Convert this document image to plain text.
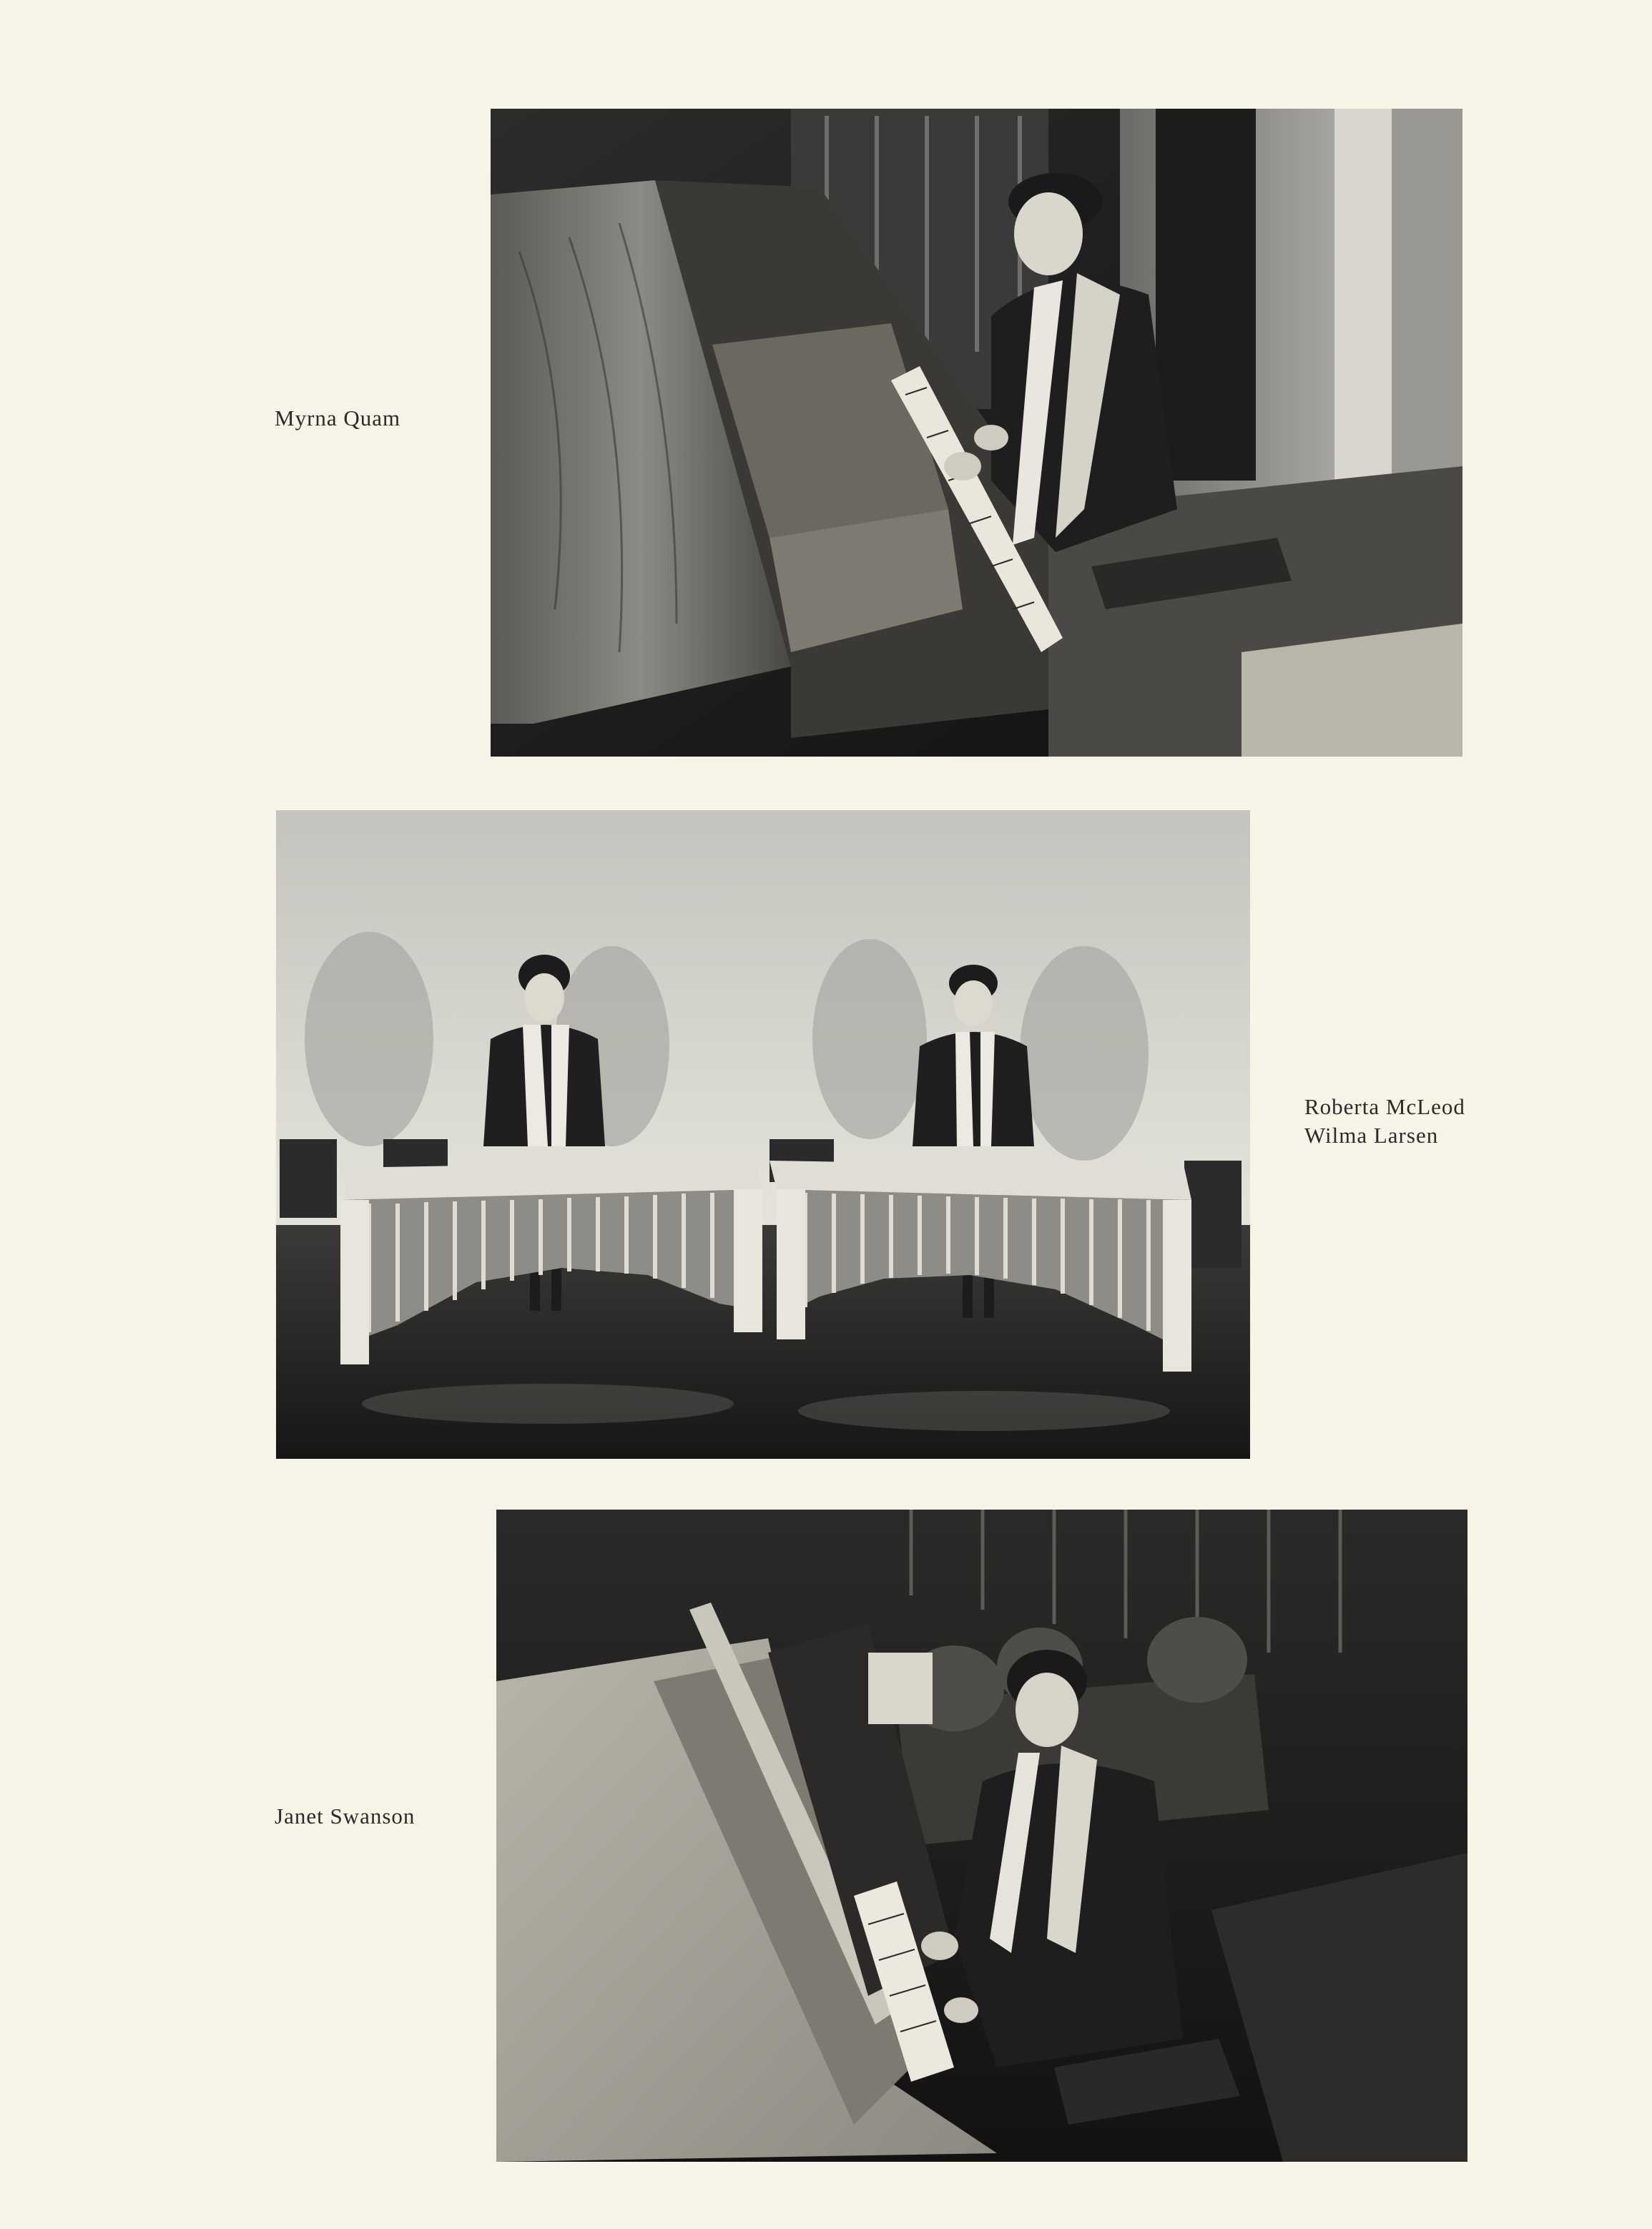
Myrna Quam
Roberta McLeod
Wilma Larsen
Janet Swanson
